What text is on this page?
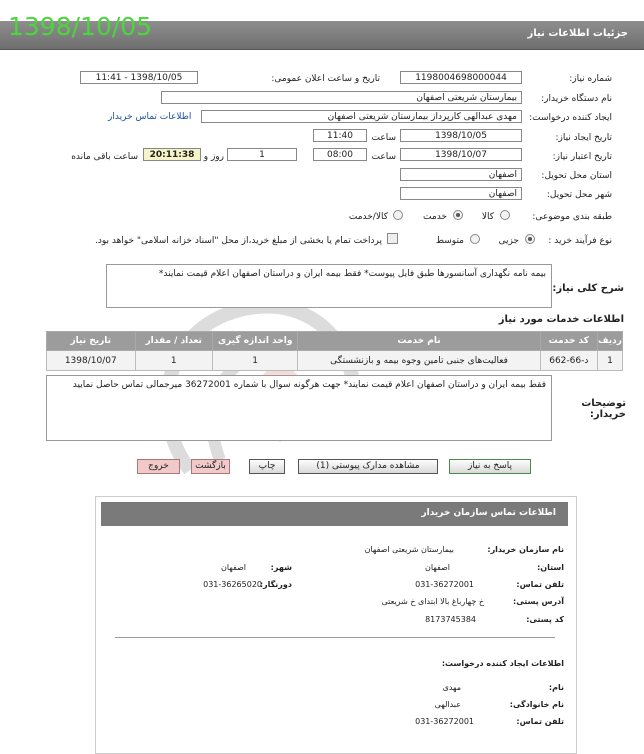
جزئیات اطلاعات نیاز
1398/10/05
شماره نیاز:
1198004698000044
تاریخ و ساعت اعلان عمومی:
1398/10/05 - 11:41
نام دستگاه خریدار:
بیمارستان شریعتی اصفهان
ایجاد کننده درخواست:
مهدی عبدالهی کارپرداز بیمارستان شریعتی اصفهان
اطلاعات تماس خریدار
تاریخ ایجاد نیاز:
1398/10/05
ساعت
11:40
تاریخ اعتبار نیاز:
1398/10/07
ساعت
08:00
1
روز و
20:11:38
ساعت باقی مانده
استان محل تحویل:
اصفهان
شهر محل تحویل:
اصفهان
طبقه بندی موضوعی:
کالا
خدمت
کالا/خدمت
نوع فرآیند خرید :
جزیی
متوسط
پرداخت تمام یا بخشی از مبلغ خرید،از محل "اسناد خزانه اسلامی" خواهد بود.
شرح کلی نیاز:
بیمه نامه نگهداری آسانسورها طبق فایل پیوست* فقط بیمه ایران و دراستان اصفهان اعلام قیمت نمایند*
اطلاعات خدمات مورد نیاز
ردیف	کد خدمت	نام خدمت	واحد اندازه گیری	تعداد / مقدار	تاریخ نیاز
1	د-66-662	فعالیت‌های جنبی تامین وجوه بیمه و بازنشستگی	1	1	1398/10/07
توضیحات خریدار:
فقط بیمه ایران و دراستان اصفهان اعلام قیمت نمایند* جهت هرگونه سوال با شماره 36272001 میرجمالی تماس حاصل نمایید
پاسخ به نیاز
مشاهده مدارک پیوستی (1)
چاپ
بازگشت
خروج
اطلاعات تماس سازمان خریدار
نام سازمان خریدار:
بیمارستان شریعتی اصفهان
استان:
اصفهان
شهر:
اصفهان
تلفن تماس:
031-36272001
دورنگار:
031-36265020
آدرس پستی:
خ چهارباغ بالا ابتدای خ شریعتی
کد پستی:
8173745384
اطلاعات ایجاد کننده درخواست:
نام:
مهدی
نام خانوادگی:
عبدالهی
تلفن تماس:
031-36272001
